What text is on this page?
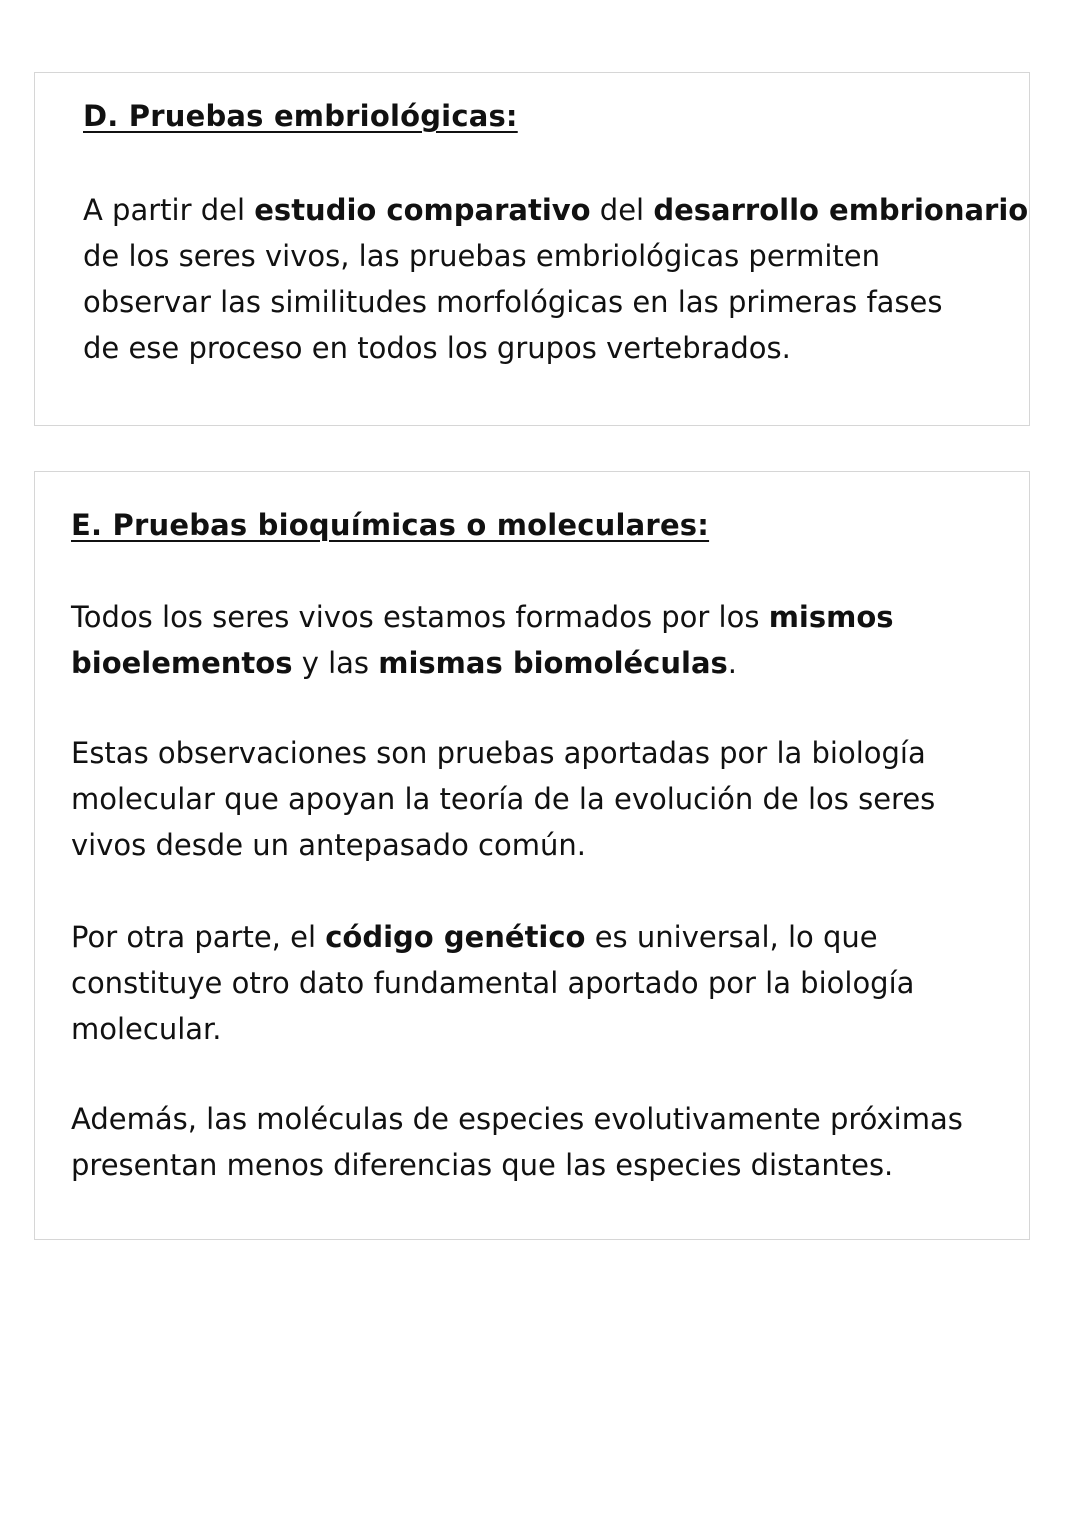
D. Pruebas embriológicas:

A partir del estudio comparativo del desarrollo embrionario
de los seres vivos, las pruebas embriológicas permiten
observar las similitudes morfológicas en las primeras fases
de ese proceso en todos los grupos vertebrados.

E. Pruebas bioquímicas o moleculares:

Todos los seres vivos estamos formados por los mismos
bioelementos y las mismas biomoléculas.

Estas observaciones son pruebas aportadas por la biología
molecular que apoyan la teoría de la evolución de los seres
vivos desde un antepasado común.

Por otra parte, el código genético es universal, lo que
constituye otro dato fundamental aportado por la biología
molecular.

Además, las moléculas de especies evolutivamente próximas
presentan menos diferencias que las especies distantes.
